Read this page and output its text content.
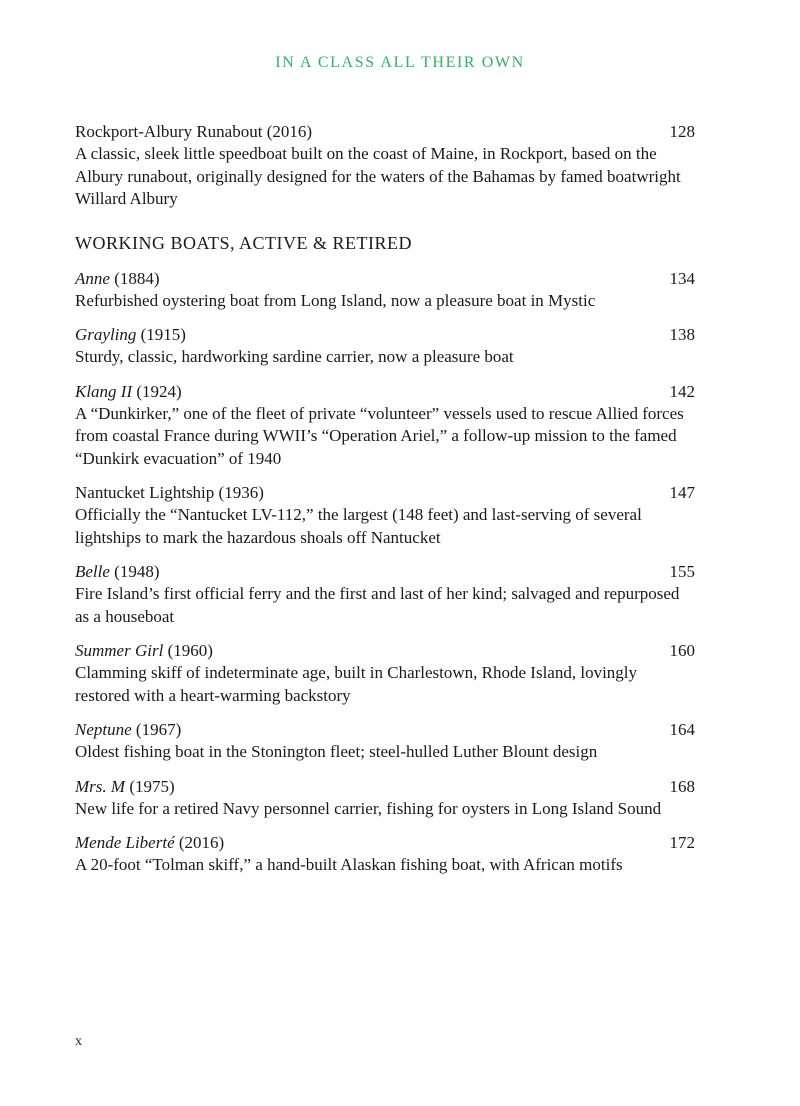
IN A CLASS ALL THEIR OWN
Rockport-Albury Runabout (2016)	128
A classic, sleek little speedboat built on the coast of Maine, in Rockport, based on the Albury runabout, originally designed for the waters of the Bahamas by famed boatwright Willard Albury
WORKING BOATS, ACTIVE & RETIRED
Anne (1884)	134
Refurbished oystering boat from Long Island, now a pleasure boat in Mystic
Grayling (1915)	138
Sturdy, classic, hardworking sardine carrier, now a pleasure boat
Klang II (1924)	142
A “Dunkirker,” one of the fleet of private “volunteer” vessels used to rescue Allied forces from coastal France during WWII’s “Operation Ariel,” a follow-up mission to the famed “Dunkirk evacuation” of 1940
Nantucket Lightship (1936)	147
Officially the “Nantucket LV-112,” the largest (148 feet) and last-serving of several lightships to mark the hazardous shoals off Nantucket
Belle (1948)	155
Fire Island’s first official ferry and the first and last of her kind; salvaged and repurposed as a houseboat
Summer Girl (1960)	160
Clamming skiff of indeterminate age, built in Charlestown, Rhode Island, lovingly restored with a heart-warming backstory
Neptune (1967)	164
Oldest fishing boat in the Stonington fleet; steel-hulled Luther Blount design
Mrs. M (1975)	168
New life for a retired Navy personnel carrier, fishing for oysters in Long Island Sound
Mende Liberté (2016)	172
A 20-foot “Tolman skiff,” a hand-built Alaskan fishing boat, with African motifs
x
